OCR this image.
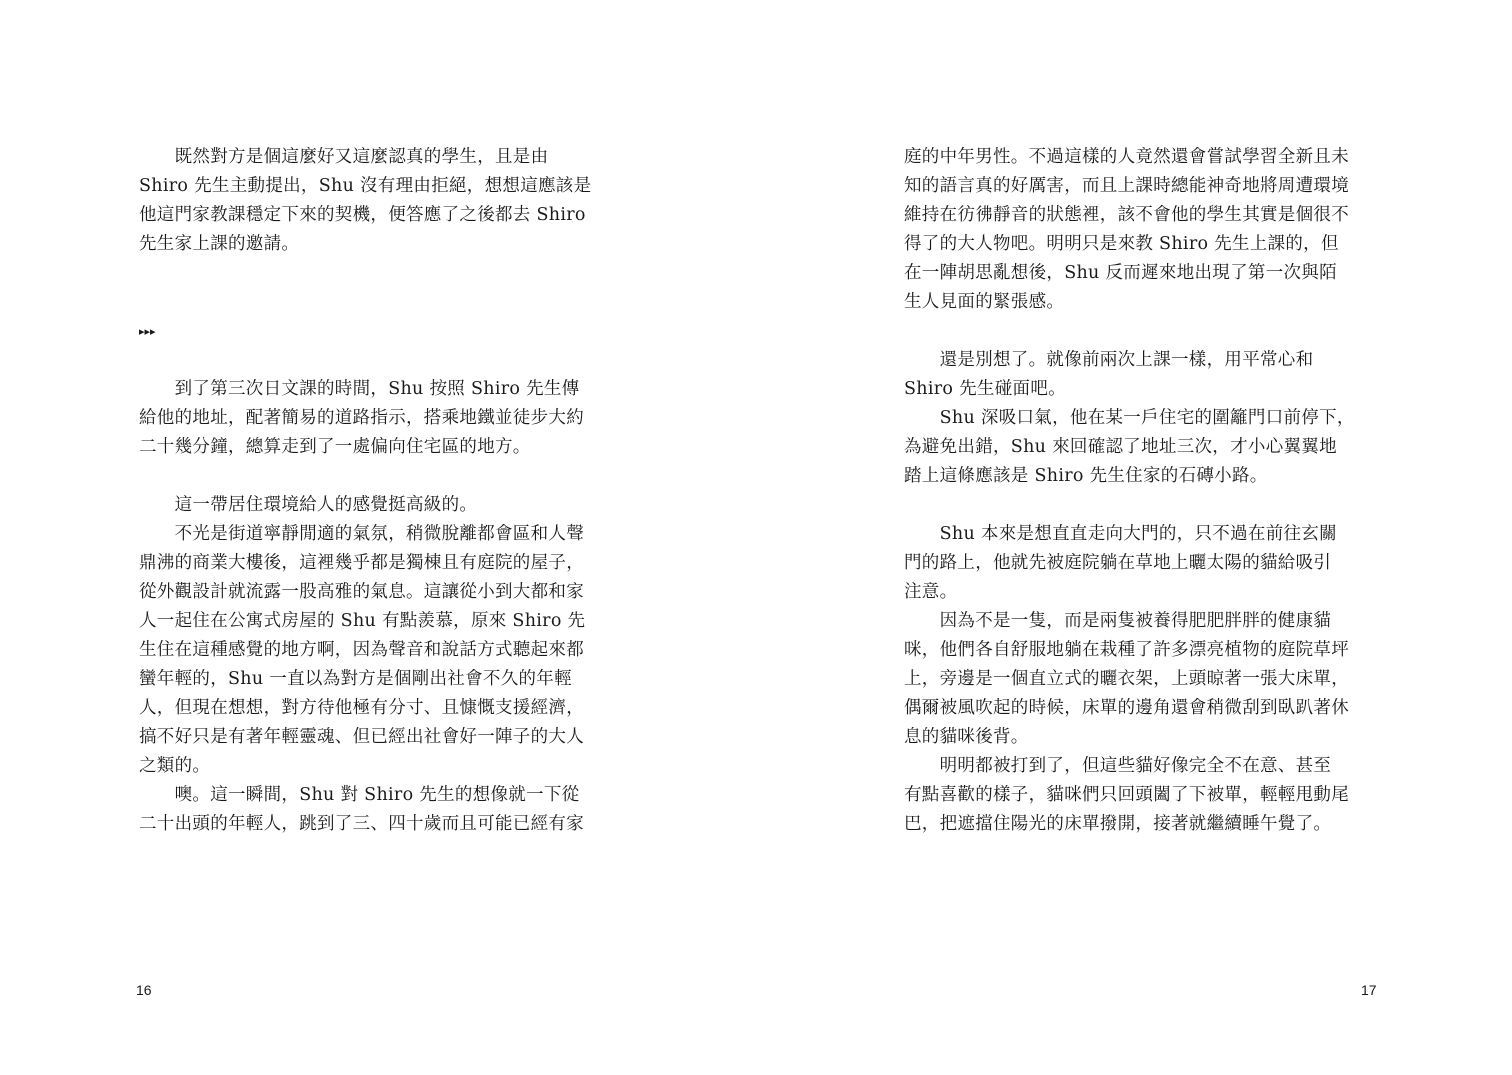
　　既然對方是個這麼好又這麼認真的學生，且是由
Shiro 先生主動提出，Shu 沒有理由拒絕，想想這應該是
他這門家教課穩定下來的契機，便答應了之後都去 Shiro
先生家上課的邀請。
▸▸▸
　　到了第三次日文課的時間，Shu 按照 Shiro 先生傳
給他的地址，配著簡易的道路指示，搭乘地鐵並徒步大約
二十幾分鐘，總算走到了一處偏向住宅區的地方。
　　這一帶居住環境給人的感覺挺高級的。
　　不光是街道寧靜閒適的氣氛，稍微脫離都會區和人聲
鼎沸的商業大樓後，這裡幾乎都是獨棟且有庭院的屋子，
從外觀設計就流露一股高雅的氣息。這讓從小到大都和家
人一起住在公寓式房屋的 Shu 有點羨慕，原來 Shiro 先
生住在這種感覺的地方啊，因為聲音和說話方式聽起來都
蠻年輕的，Shu 一直以為對方是個剛出社會不久的年輕
人，但現在想想，對方待他極有分寸、且慷慨支援經濟，
搞不好只是有著年輕靈魂、但已經出社會好一陣子的大人
之類的。
　　噢。這一瞬間，Shu 對 Shiro 先生的想像就一下從
二十出頭的年輕人，跳到了三、四十歲而且可能已經有家
16
庭的中年男性。不過這樣的人竟然還會嘗試學習全新且未
知的語言真的好厲害，而且上課時總能神奇地將周遭環境
維持在彷彿靜音的狀態裡，該不會他的學生其實是個很不
得了的大人物吧。明明只是來教 Shiro 先生上課的，但
在一陣胡思亂想後，Shu 反而遲來地出現了第一次與陌
生人見面的緊張感。
　　還是別想了。就像前兩次上課一樣，用平常心和
Shiro 先生碰面吧。
　　Shu 深吸口氣，他在某一戶住宅的圍籬門口前停下，
為避免出錯，Shu 來回確認了地址三次，才小心翼翼地
踏上這條應該是 Shiro 先生住家的石磚小路。
　　Shu 本來是想直直走向大門的，只不過在前往玄關
門的路上，他就先被庭院躺在草地上曬太陽的貓給吸引
注意。
　　因為不是一隻，而是兩隻被養得肥肥胖胖的健康貓
咪，他們各自舒服地躺在栽種了許多漂亮植物的庭院草坪
上，旁邊是一個直立式的曬衣架，上頭晾著一張大床單，
偶爾被風吹起的時候，床單的邊角還會稍微刮到臥趴著休
息的貓咪後背。
　　明明都被打到了，但這些貓好像完全不在意、甚至
有點喜歡的樣子，貓咪們只回頭闔了下被單，輕輕甩動尾
巴，把遮擋住陽光的床單撥開，接著就繼續睡午覺了。
17
